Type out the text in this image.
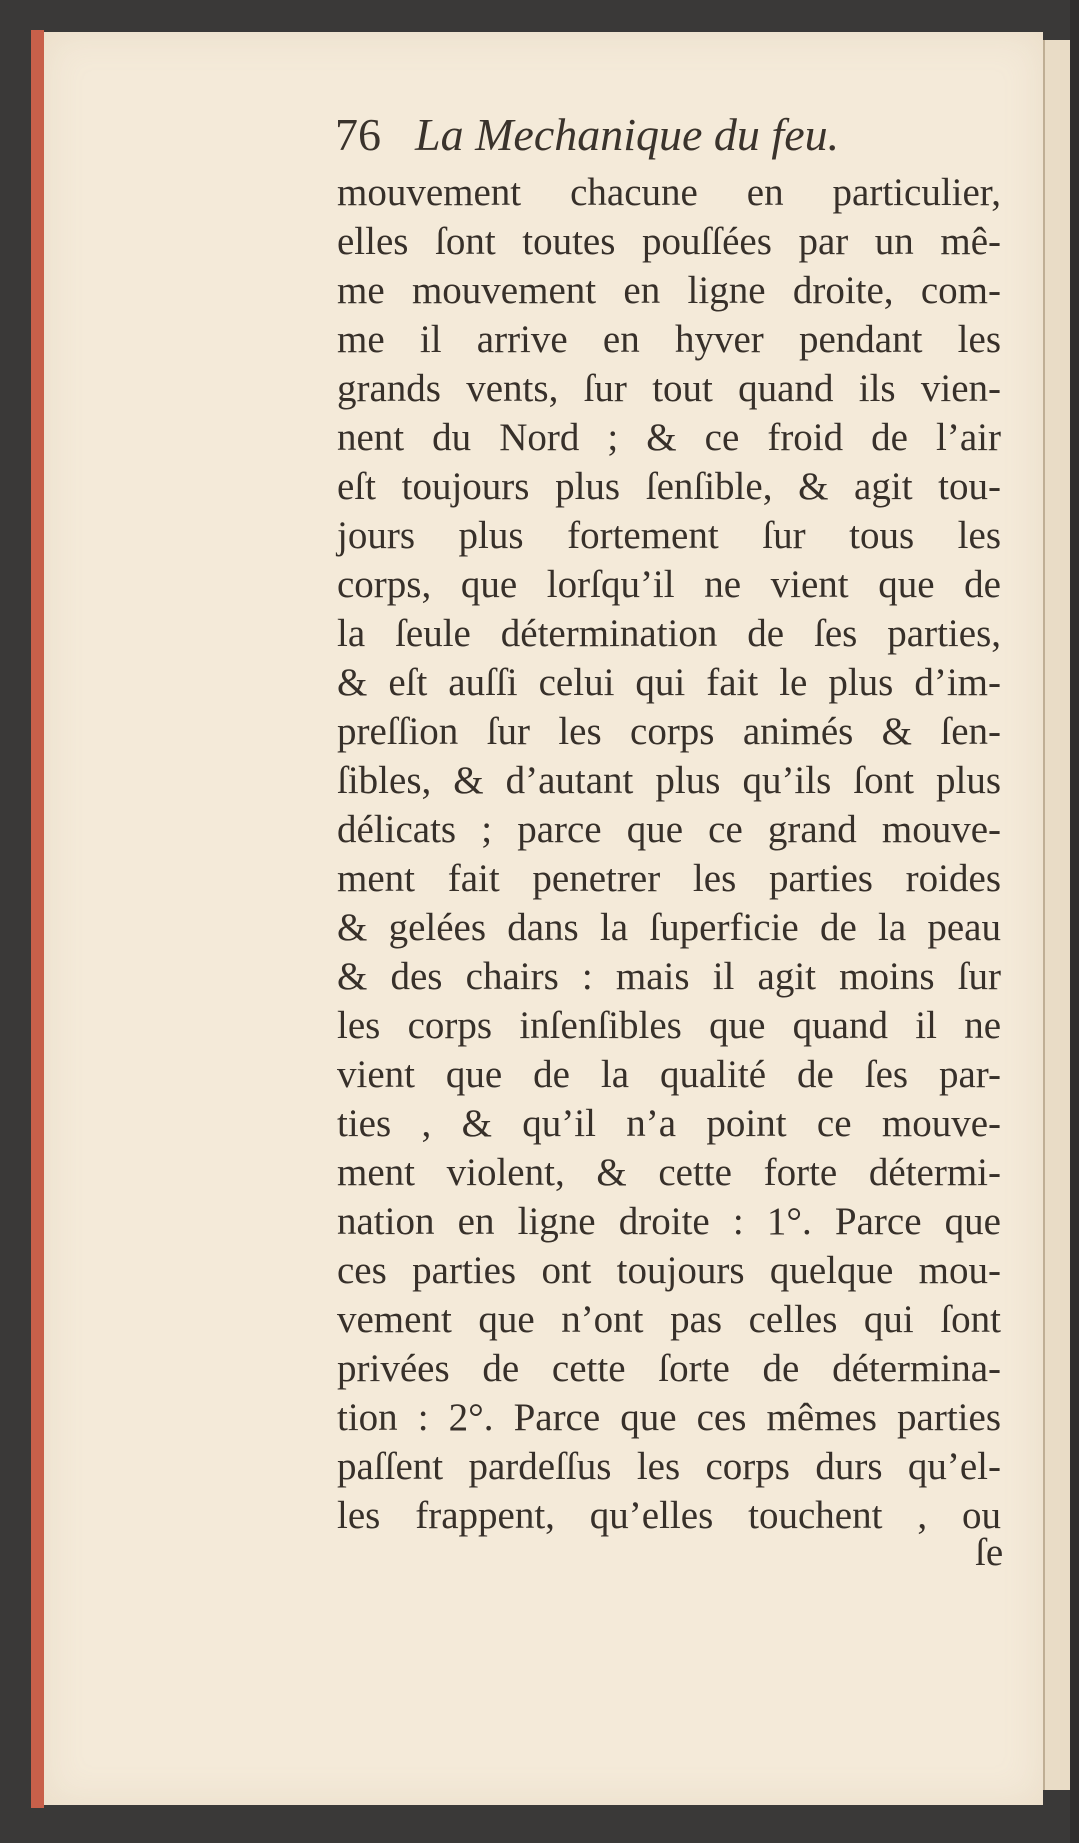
76 La Mechanique du feu.
mouvement chacune en particulier,
elles ſont toutes pouſſées par un mê-
me mouvement en ligne droite, com-
me il arrive en hyver pendant les
grands vents, ſur tout quand ils vien-
nent du Nord ; & ce froid de l’air
eſt toujours plus ſenſible, & agit tou-
jours plus fortement ſur tous les
corps, que lorſqu’il ne vient que de
la ſeule détermination de ſes parties,
& eſt auſſi celui qui fait le plus d’im-
preſſion ſur les corps animés & ſen-
ſibles, & d’autant plus qu’ils ſont plus
délicats ; parce que ce grand mouve-
ment fait penetrer les parties roides
& gelées dans la ſuperficie de la peau
& des chairs : mais il agit moins ſur
les corps inſenſibles que quand il ne
vient que de la qualité de ſes par-
ties , & qu’il n’a point ce mouve-
ment violent, & cette forte détermi-
nation en ligne droite : 1°. Parce que
ces parties ont toujours quelque mou-
vement que n’ont pas celles qui ſont
privées de cette ſorte de détermina-
tion : 2°. Parce que ces mêmes parties
paſſent pardeſſus les corps durs qu’el-
les frappent, qu’elles touchent , ou
ſe
